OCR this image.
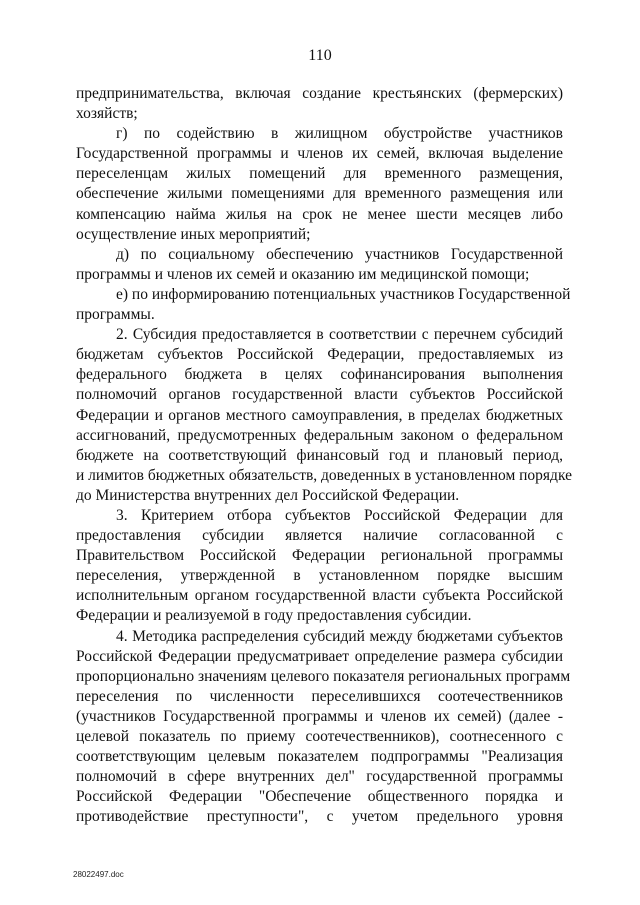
110
предпринимательства, включая создание крестьянских (фермерских)
хозяйств;
г) по содействию в жилищном обустройстве участников
Государственной программы и членов их семей, включая выделение
переселенцам жилых помещений для временного размещения,
обеспечение жилыми помещениями для временного размещения или
компенсацию найма жилья на срок не менее шести месяцев либо
осуществление иных мероприятий;
д) по социальному обеспечению участников Государственной
программы и членов их семей и оказанию им медицинской помощи;
е) по информированию потенциальных участников Государственной
программы.
2. Субсидия предоставляется в соответствии с перечнем субсидий
бюджетам субъектов Российской Федерации, предоставляемых из
федерального бюджета в целях софинансирования выполнения
полномочий органов государственной власти субъектов Российской
Федерации и органов местного самоуправления, в пределах бюджетных
ассигнований, предусмотренных федеральным законом о федеральном
бюджете на соответствующий финансовый год и плановый период,
и лимитов бюджетных обязательств, доведенных в установленном порядке
до Министерства внутренних дел Российской Федерации.
3. Критерием отбора субъектов Российской Федерации для
предоставления субсидии является наличие согласованной с
Правительством Российской Федерации региональной программы
переселения, утвержденной в установленном порядке высшим
исполнительным органом государственной власти субъекта Российской
Федерации и реализуемой в году предоставления субсидии.
4. Методика распределения субсидий между бюджетами субъектов
Российской Федерации предусматривает определение размера субсидии
пропорционально значениям целевого показателя региональных программ
переселения по численности переселившихся соотечественников
(участников Государственной программы и членов их семей) (далее -
целевой показатель по приему соотечественников), соотнесенного с
соответствующим целевым показателем подпрограммы "Реализация
полномочий в сфере внутренних дел" государственной программы
Российской Федерации "Обеспечение общественного порядка и
противодействие преступности", с учетом предельного уровня
28022497.doc
